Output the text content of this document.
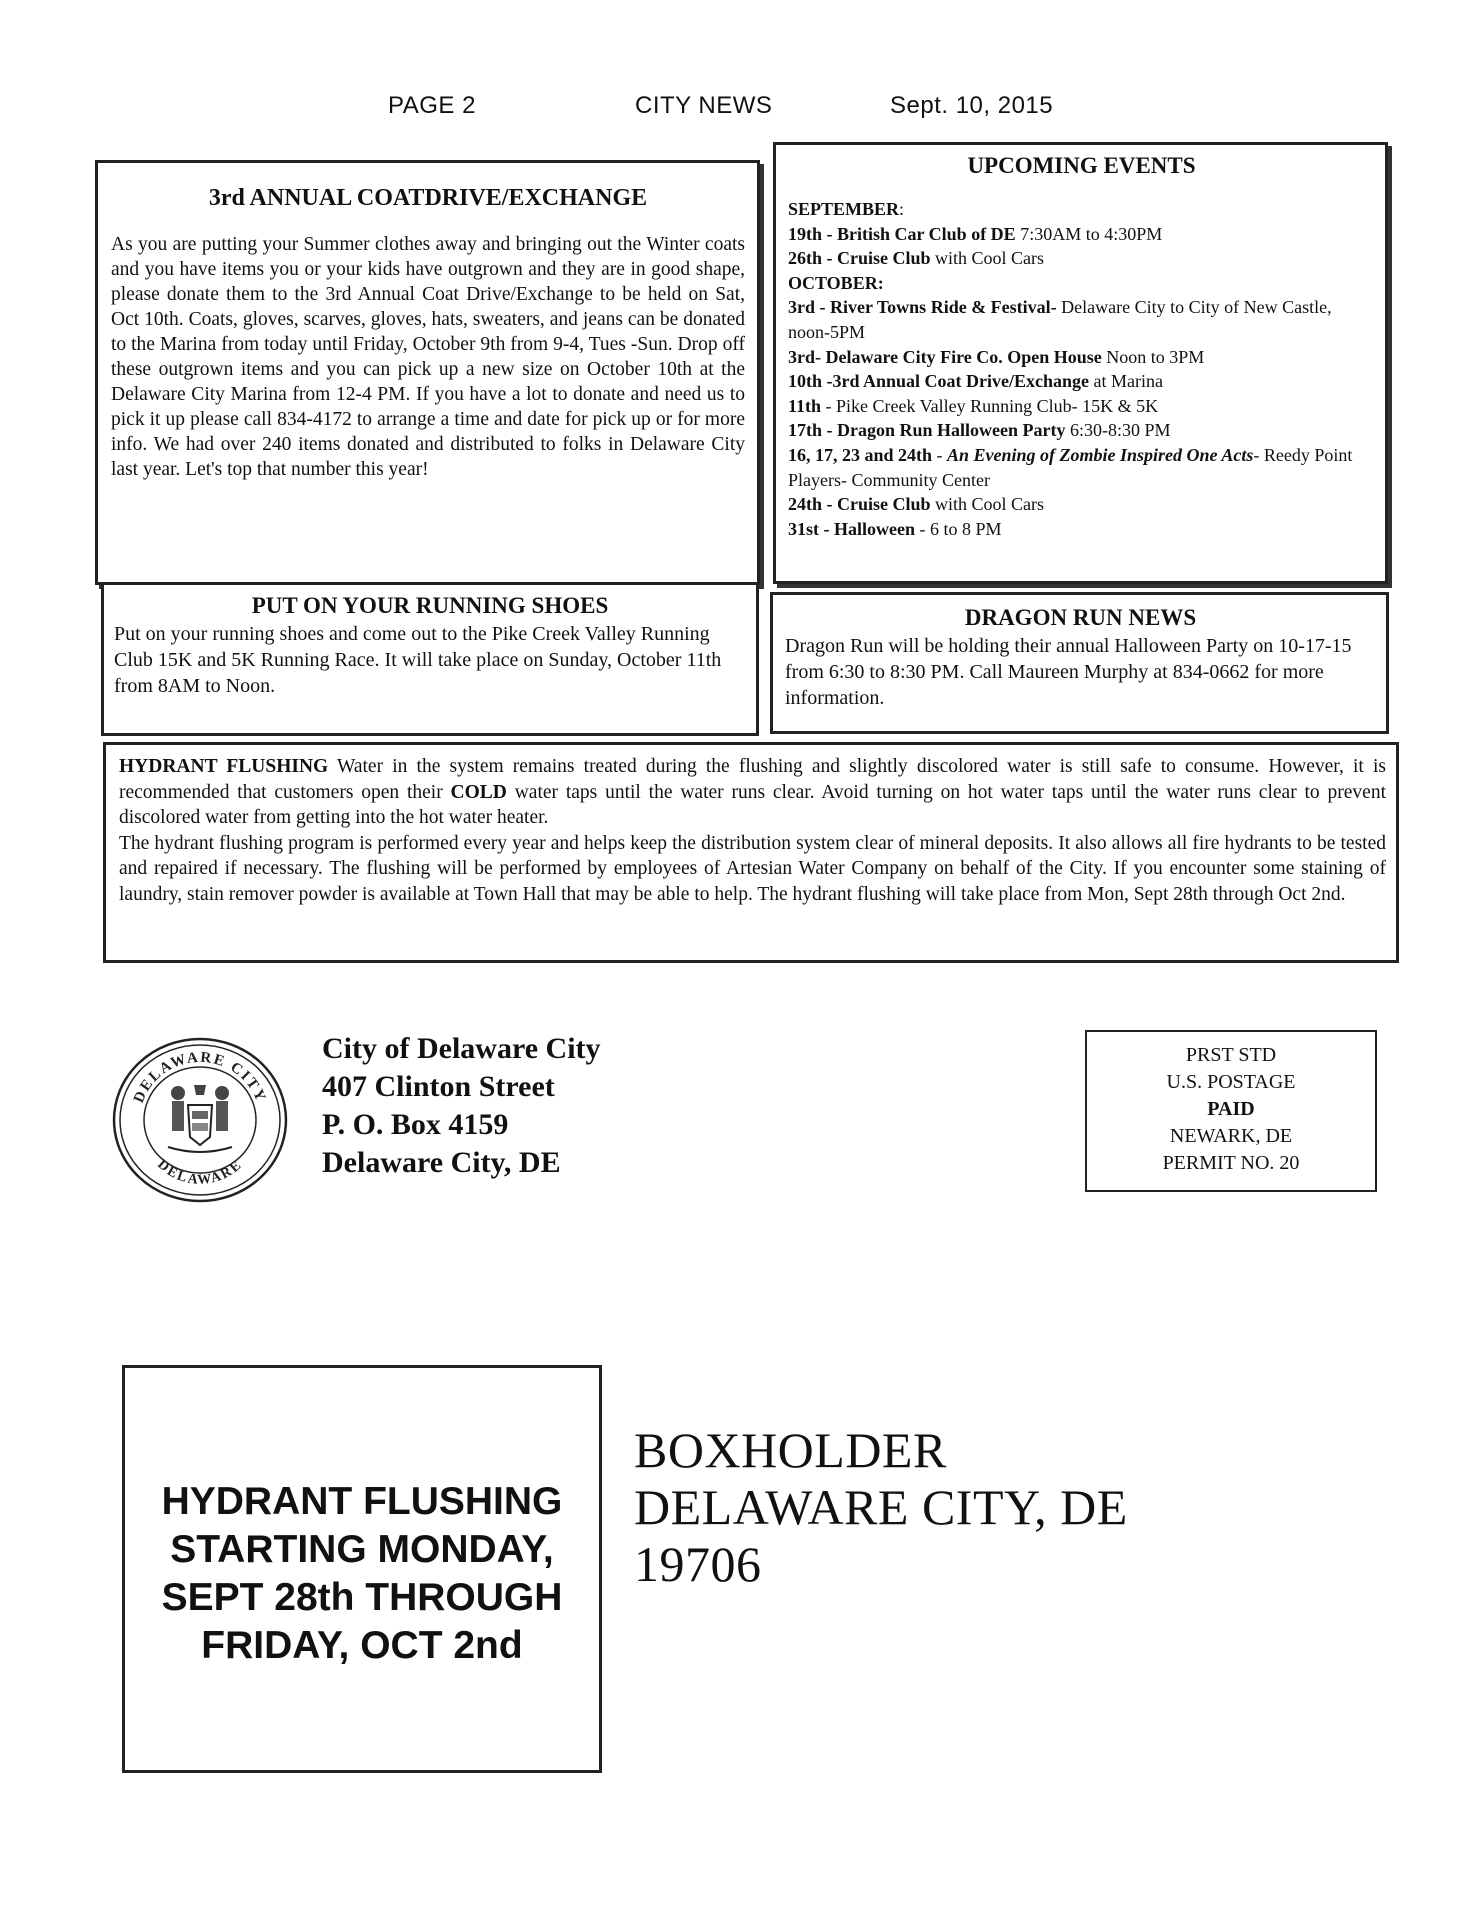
PAGE 2	CITY NEWS	Sept. 10, 2015
3rd ANNUAL COATDRIVE/EXCHANGE
As you are putting your Summer clothes away and bringing out the Winter coats and you have items you or your kids have outgrown and they are in good shape, please donate them to the 3rd Annual Coat Drive/Exchange to be held on Sat, Oct 10th. Coats, gloves, scarves, gloves, hats, sweaters, and jeans can be donated to the Marina from today until Friday, October 9th from 9-4, Tues -Sun. Drop off these outgrown items and you can pick up a new size on October 10th at the Delaware City Marina from 12-4 PM. If you have a lot to donate and need us to pick it up please call 834-4172 to arrange a time and date for pick up or for more info. We had over 240 items donated and distributed to folks in Delaware City last year. Let's top that number this year!
UPCOMING EVENTS
SEPTEMBER:
19th - British Car Club of DE 7:30AM to 4:30PM
26th - Cruise Club with Cool Cars
OCTOBER:
3rd - River Towns Ride & Festival- Delaware City to City of New Castle, noon-5PM
3rd- Delaware City Fire Co. Open House Noon to 3PM
10th -3rd Annual Coat Drive/Exchange at Marina
11th - Pike Creek Valley Running Club- 15K & 5K
17th - Dragon Run Halloween Party 6:30-8:30 PM
16, 17, 23 and 24th - An Evening of Zombie Inspired One Acts- Reedy Point Players- Community Center
24th - Cruise Club with Cool Cars
31st - Halloween - 6 to 8 PM
PUT ON YOUR RUNNING SHOES
Put on your running shoes and come out to the Pike Creek Valley Running Club 15K and 5K Running Race. It will take place on Sunday, October 11th from 8AM to Noon.
DRAGON RUN NEWS
Dragon Run will be holding their annual Halloween Party on 10-17-15 from 6:30 to 8:30 PM. Call Maureen Murphy at 834-0662 for more information.
HYDRANT FLUSHING Water in the system remains treated during the flushing and slightly discolored water is still safe to consume. However, it is recommended that customers open their COLD water taps until the water runs clear. Avoid turning on hot water taps until the water runs clear to prevent discolored water from getting into the hot water heater.
The hydrant flushing program is performed every year and helps keep the distribution system clear of mineral deposits. It also allows all fire hydrants to be tested and repaired if necessary. The flushing will be performed by employees of Artesian Water Company on behalf of the City. If you encounter some staining of laundry, stain remover powder is available at Town Hall that may be able to help. The hydrant flushing will take place from Mon, Sept 28th through Oct 2nd.
DELAWARE CITY
DELAWARE
City of Delaware City
407 Clinton Street
P. O. Box 4159
Delaware City, DE
PRST STD
U.S. POSTAGE
PAID
NEWARK, DE
PERMIT NO. 20
HYDRANT FLUSHING
STARTING MONDAY,
SEPT 28th THROUGH
FRIDAY, OCT 2nd
BOXHOLDER
DELAWARE CITY, DE
19706
